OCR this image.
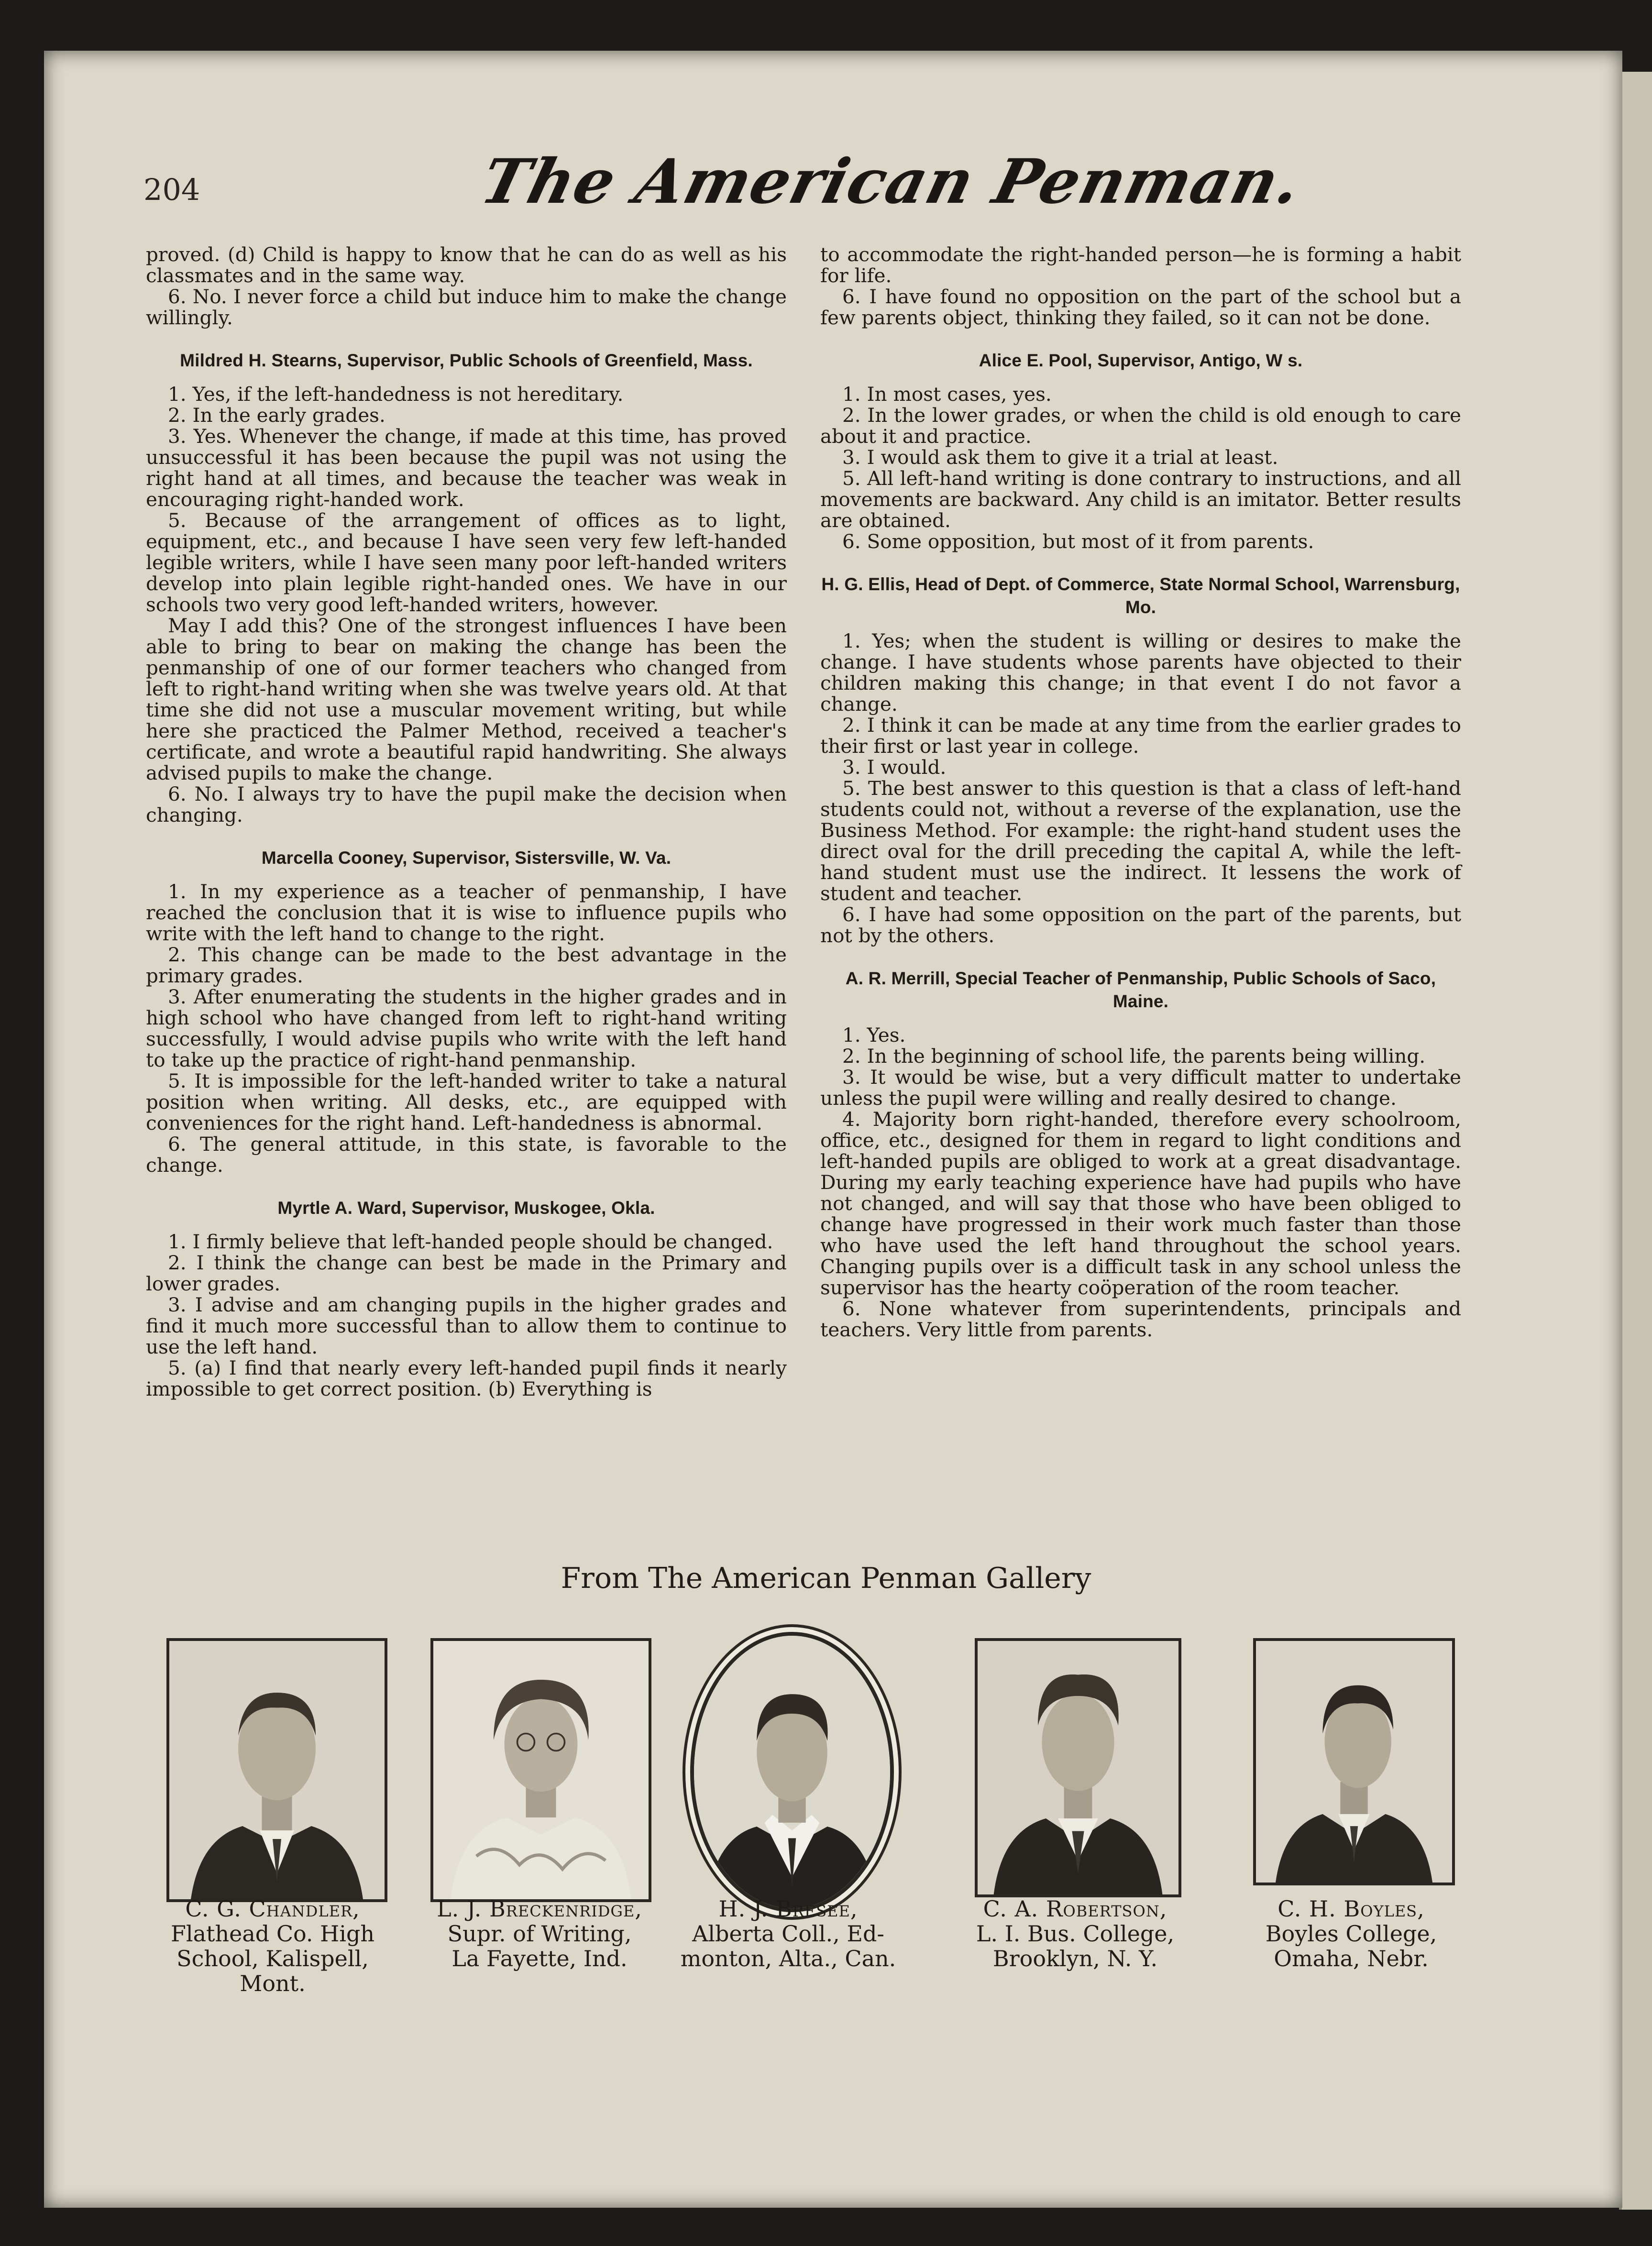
204	The American Penman.

proved. (d) Child is happy to know that he can do as well as his classmates and in the same way.

6. No. I never force a child but induce him to make the change willingly.

Mildred H. Stearns, Supervisor, Public Schools of Greenfield, Mass.

1. Yes, if the left-handedness is not hereditary.

2. In the early grades.

3. Yes. Whenever the change, if made at this time, has proved unsuccessful it has been because the pupil was not using the right hand at all times, and because the teacher was weak in encouraging right-handed work.

5. Because of the arrangement of offices as to light, equipment, etc., and because I have seen very few left-handed legible writers, while I have seen many poor left-handed writers develop into plain legible right-handed ones. We have in our schools two very good left-handed writers, however.

May I add this? One of the strongest influences I have been able to bring to bear on making the change has been the penmanship of one of our former teachers who changed from left to right-hand writing when she was twelve years old. At that time she did not use a muscular movement writing, but while here she practiced the Palmer Method, received a teacher's certificate, and wrote a beautiful rapid handwriting. She always advised pupils to make the change.

6. No. I always try to have the pupil make the decision when changing.

Marcella Cooney, Supervisor, Sistersville, W. Va.

1. In my experience as a teacher of penmanship, I have reached the conclusion that it is wise to influence pupils who write with the left hand to change to the right.

2. This change can be made to the best advantage in the primary grades.

3. After enumerating the students in the higher grades and in high school who have changed from left to right-hand writing successfully, I would advise pupils who write with the left hand to take up the practice of right-hand penmanship.

5. It is impossible for the left-handed writer to take a natural position when writing. All desks, etc., are equipped with conveniences for the right hand. Left-handedness is abnormal.

6. The general attitude, in this state, is favorable to the change.

Myrtle A. Ward, Supervisor, Muskogee, Okla.

1. I firmly believe that left-handed people should be changed.

2. I think the change can best be made in the Primary and lower grades.

3. I advise and am changing pupils in the higher grades and find it much more successful than to allow them to continue to use the left hand.

5. (a) I find that nearly every left-handed pupil finds it nearly impossible to get correct position. (b) Everything is

to accommodate the right-handed person—he is forming a habit for life.

6. I have found no opposition on the part of the school but a few parents object, thinking they failed, so it can not be done.

Alice E. Pool, Supervisor, Antigo, W s.

1. In most cases, yes.

2. In the lower grades, or when the child is old enough to care about it and practice.

3. I would ask them to give it a trial at least.

5. All left-hand writing is done contrary to instructions, and all movements are backward. Any child is an imitator. Better results are obtained.

6. Some opposition, but most of it from parents.

H. G. Ellis, Head of Dept. of Commerce, State Normal School, Warrensburg, Mo.

1. Yes; when the student is willing or desires to make the change. I have students whose parents have objected to their children making this change; in that event I do not favor a change.

2. I think it can be made at any time from the earlier grades to their first or last year in college.

3. I would.

5. The best answer to this question is that a class of left-hand students could not, without a reverse of the explanation, use the Business Method. For example: the right-hand student uses the direct oval for the drill preceding the capital A, while the left-hand student must use the indirect. It lessens the work of student and teacher.

6. I have had some opposition on the part of the parents, but not by the others.

A. R. Merrill, Special Teacher of Penmanship, Public Schools of Saco, Maine.

1. Yes.

2. In the beginning of school life, the parents being willing.

3. It would be wise, but a very difficult matter to undertake unless the pupil were willing and really desired to change.

4. Majority born right-handed, therefore every schoolroom, office, etc., designed for them in regard to light conditions and left-handed pupils are obliged to work at a great disadvantage. During my early teaching experience have had pupils who have not changed, and will say that those who have been obliged to change have progressed in their work much faster than those who have used the left hand throughout the school years. Changing pupils over is a difficult task in any school unless the supervisor has the hearty coöperation of the room teacher.

6. None whatever from superintendents, principals and teachers. Very little from parents.

From The American Penman Gallery
C. G. Chandler,
Flathead Co. High
School, Kalispell,
Mont.
L. J. Breckenridge,
Supr. of Writing,
La Fayette, Ind.
H. J. Bresee,
Alberta Coll., Ed-
monton, Alta., Can.
C. A. Robertson,
L. I. Bus. College,
Brooklyn, N. Y.
C. H. Boyles,
Boyles College,
Omaha, Nebr.
